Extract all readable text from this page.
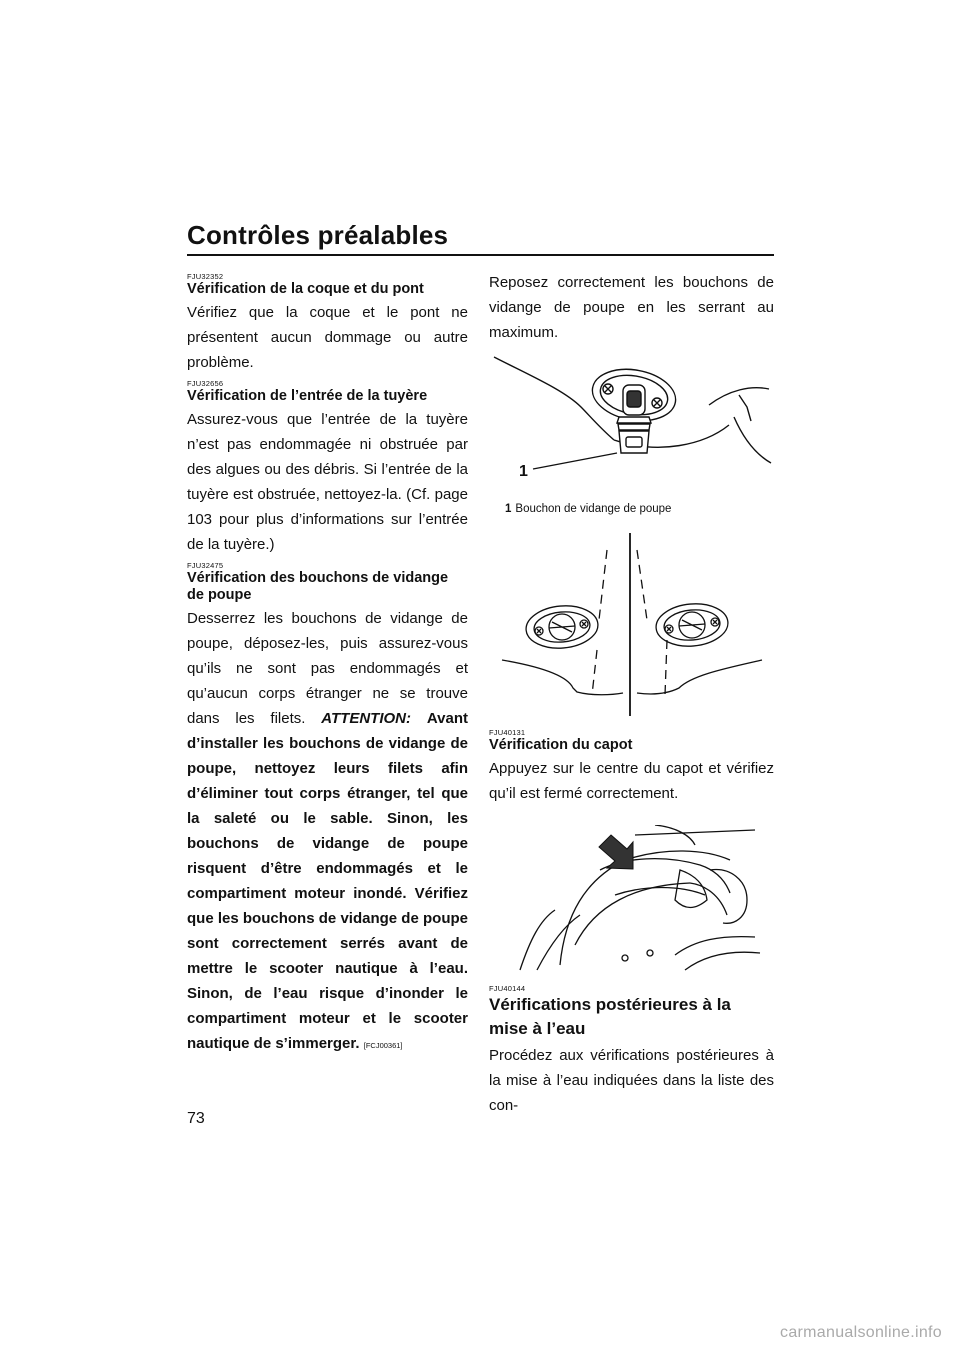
Contrôles préalables
FJU32352
Vérification de la coque et du pont

Vérifiez que la coque et le pont ne présentent aucun dommage ou autre problème.

FJU32656
Vérification de l’entrée de la tuyère

Assurez-vous que l’entrée de la tuyère n’est pas endommagée ni obstruée par des algues ou des débris. Si l’entrée de la tuyère est obstruée, nettoyez-la. (Cf. page 103 pour plus d’informations sur l’entrée de la tuyère.)

FJU32475
Vérification des bouchons de vidange de poupe

Desserrez les bouchons de vidange de poupe, déposez-les, puis assurez-vous qu’ils ne sont pas endommagés et qu’aucun corps étranger ne se trouve dans les filets. ATTENTION: Avant d’installer les bouchons de vidange de poupe, nettoyez leurs filets afin d’éliminer tout corps étranger, tel que la saleté ou le sable. Sinon, les bouchons de vidange de poupe risquent d’être endommagés et le compartiment moteur inondé. Vérifiez que les bouchons de vidange de poupe sont correctement serrés avant de mettre le scooter nautique à l’eau. Sinon, de l’eau risque d’inonder le compartiment moteur et le scooter nautique de s’immerger. [FCJ00361]

Reposez correctement les bouchons de vidange de poupe en les serrant au maximum.

1
1 Bouchon de vidange de poupe
FJU40131
Vérification du capot

Appuyez sur le centre du capot et vérifiez qu’il est fermé correctement.

FJU40144
Vérifications postérieures à la mise à l’eau

Procédez aux vérifications postérieures à la mise à l’eau indiquées dans la liste des con-

73
carmanualsonline.info
